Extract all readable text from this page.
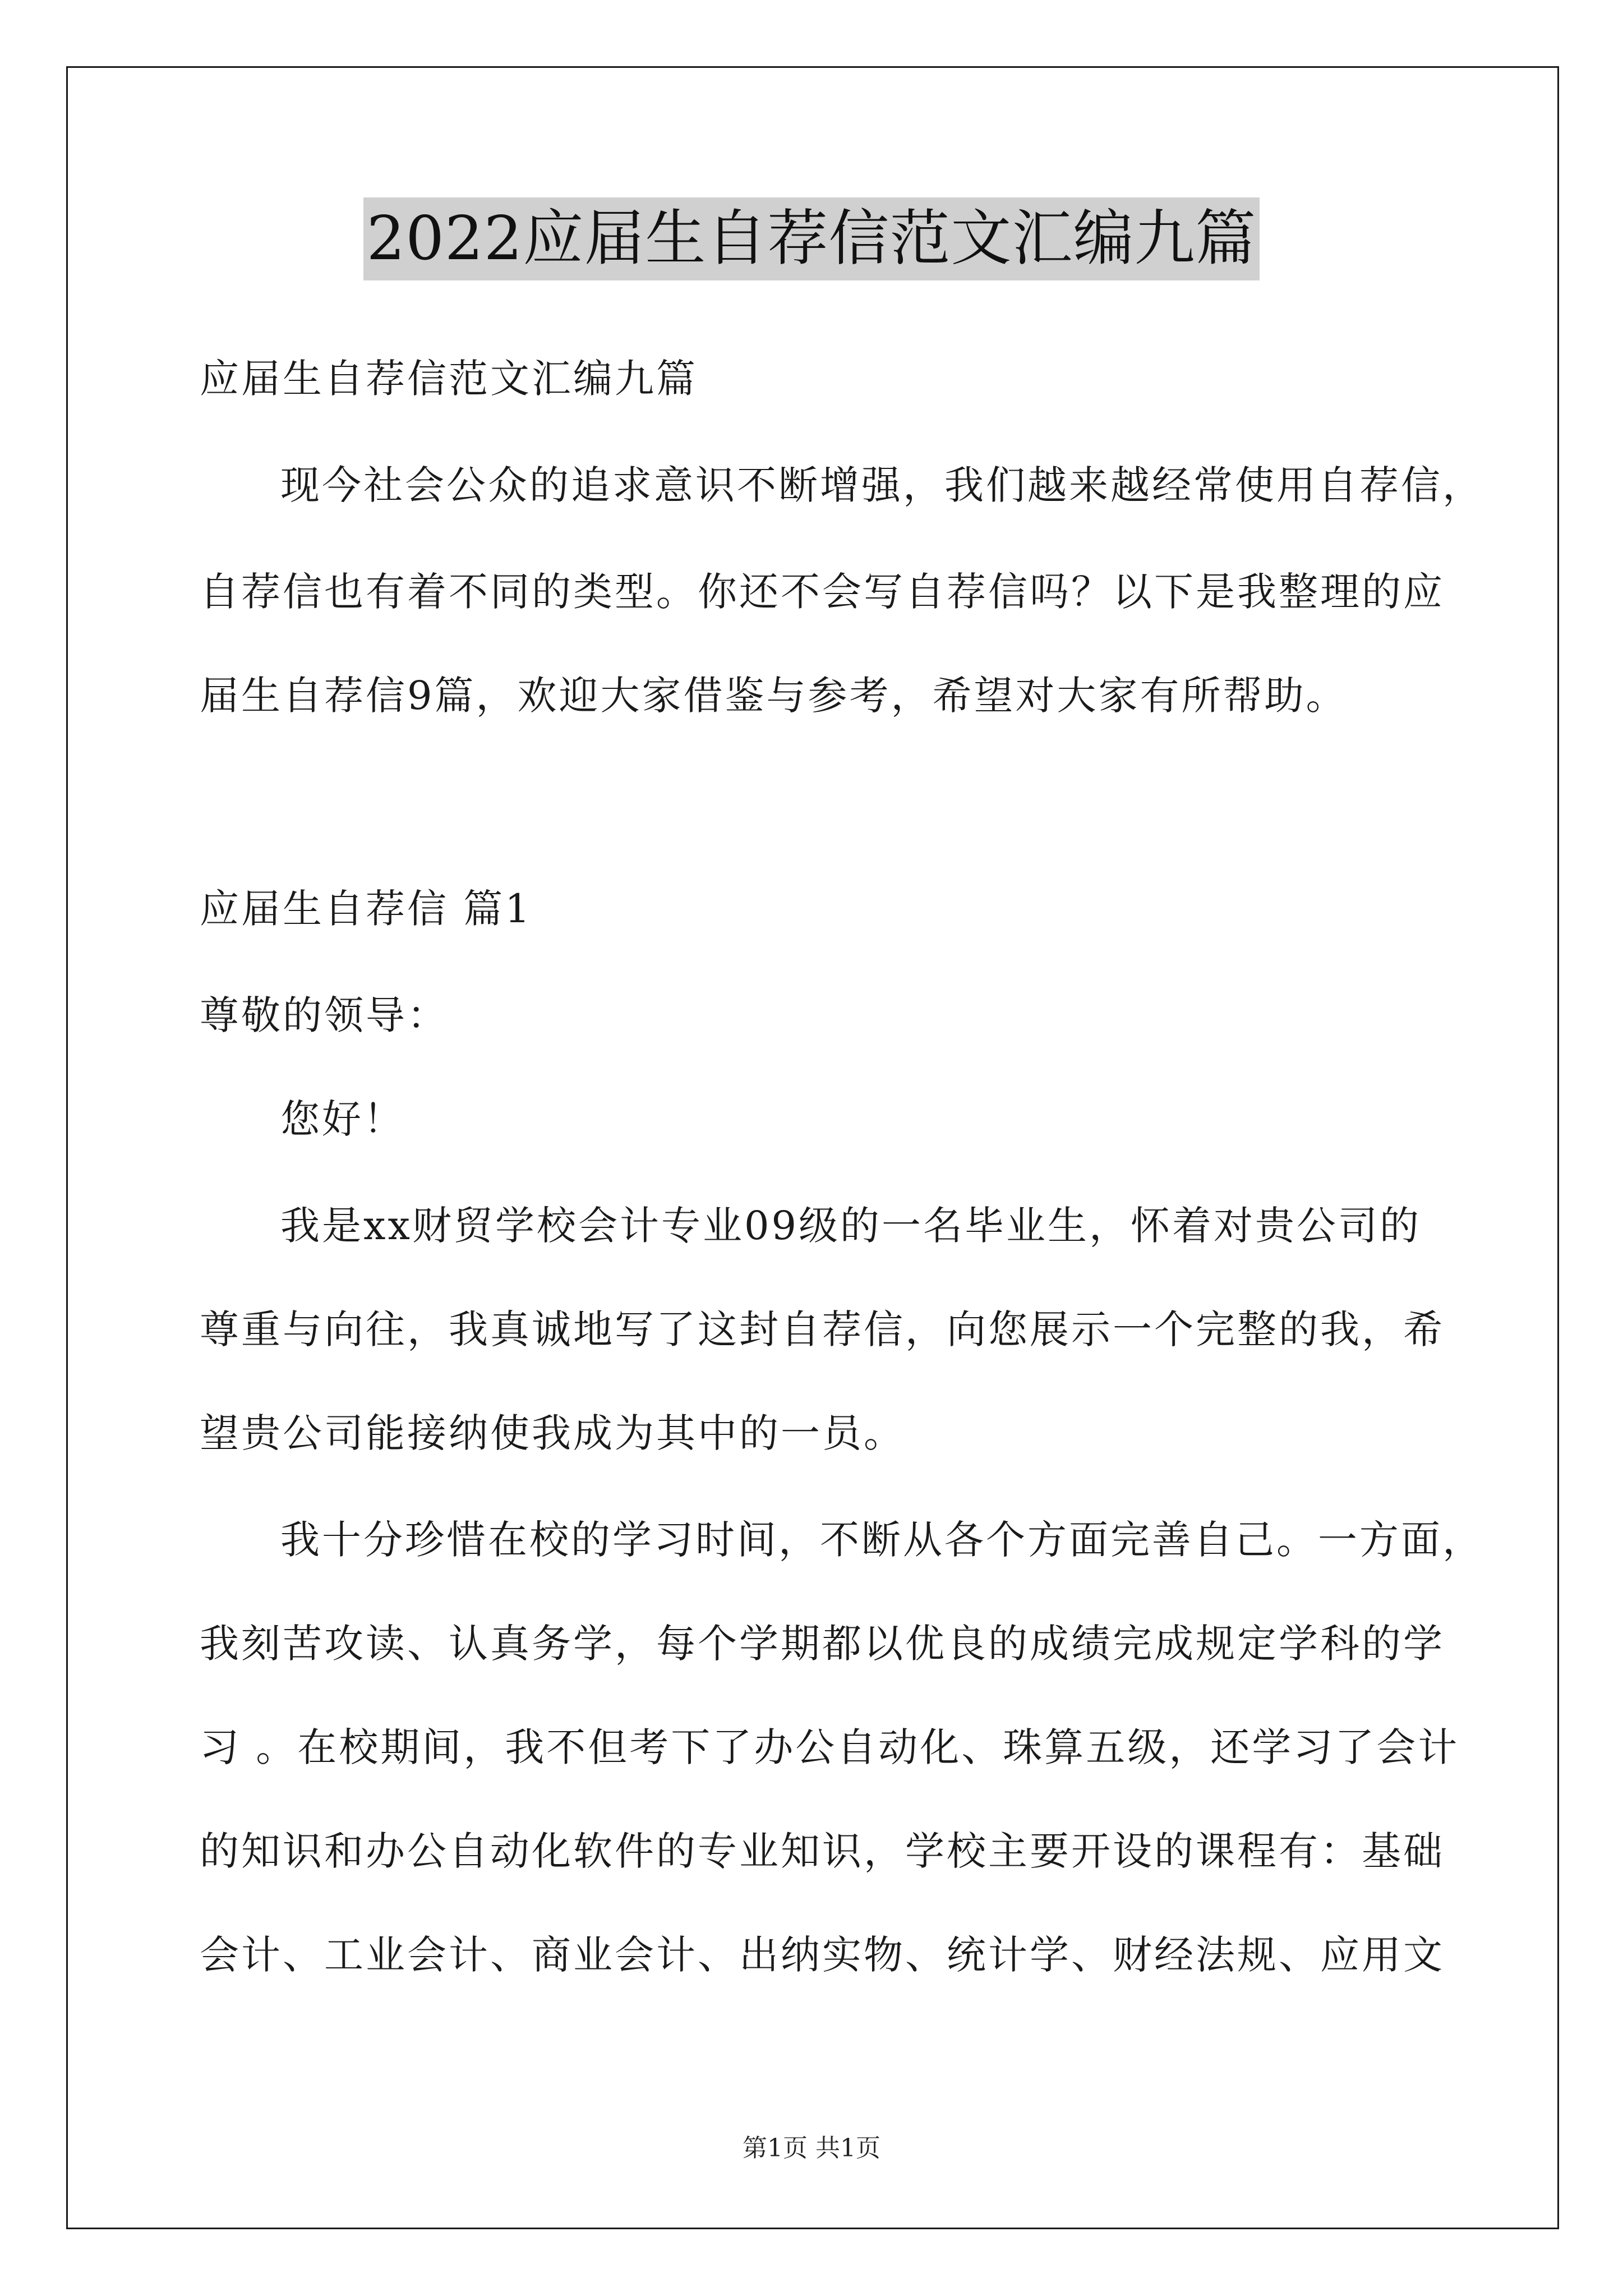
2022应届生自荐信范文汇编九篇
应届生自荐信范文汇编九篇
现今社会公众的追求意识不断增强，我们越来越经常使用自荐信，
自荐信也有着不同的类型。你还不会写自荐信吗？以下是我整理的应
届生自荐信9篇，欢迎大家借鉴与参考，希望对大家有所帮助。
应届生自荐信 篇1
尊敬的领导：
您好！
我是xx财贸学校会计专业09级的一名毕业生，怀着对贵公司的
尊重与向往，我真诚地写了这封自荐信，向您展示一个完整的我，希
望贵公司能接纳使我成为其中的一员。
我十分珍惜在校的学习时间，不断从各个方面完善自己。一方面，
我刻苦攻读、认真务学，每个学期都以优良的成绩完成规定学科的学
习 。在校期间，我不但考下了办公自动化、珠算五级，还学习了会计
的知识和办公自动化软件的专业知识，学校主要开设的课程有：基础
会计、工业会计、商业会计、出纳实物、统计学、财经法规、应用文
第1页 共1页
